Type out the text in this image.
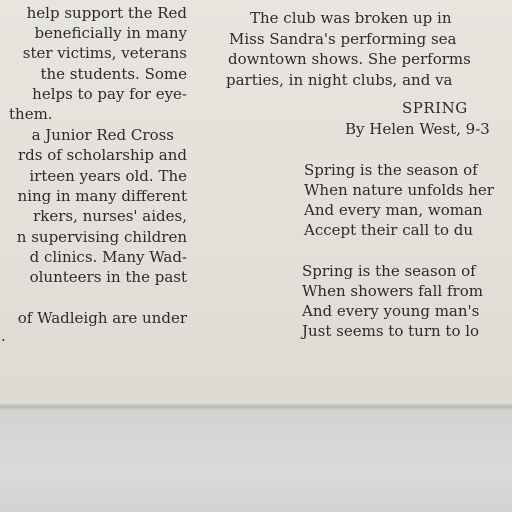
help support the Red

beneficially in many

ster victims, veterans

the students. Some

helps to pay for eye-

them.

a Junior Red Cross

rds of scholarship and

irteen years old. The

ning in many different

rkers, nurses' aides,

n supervising children

d clinics. Many Wad-

olunteers in the past

of Wadleigh are under

.

The club was broken up in

Miss Sandra's performing sea

downtown shows. She performs

parties, in night clubs, and va

SPRING

By Helen West, 9-3

Spring is the season of

When nature unfolds her

And every man, woman

Accept their call to du

Spring is the season of

When showers fall from

And every young man's

Just seems to turn to lo
